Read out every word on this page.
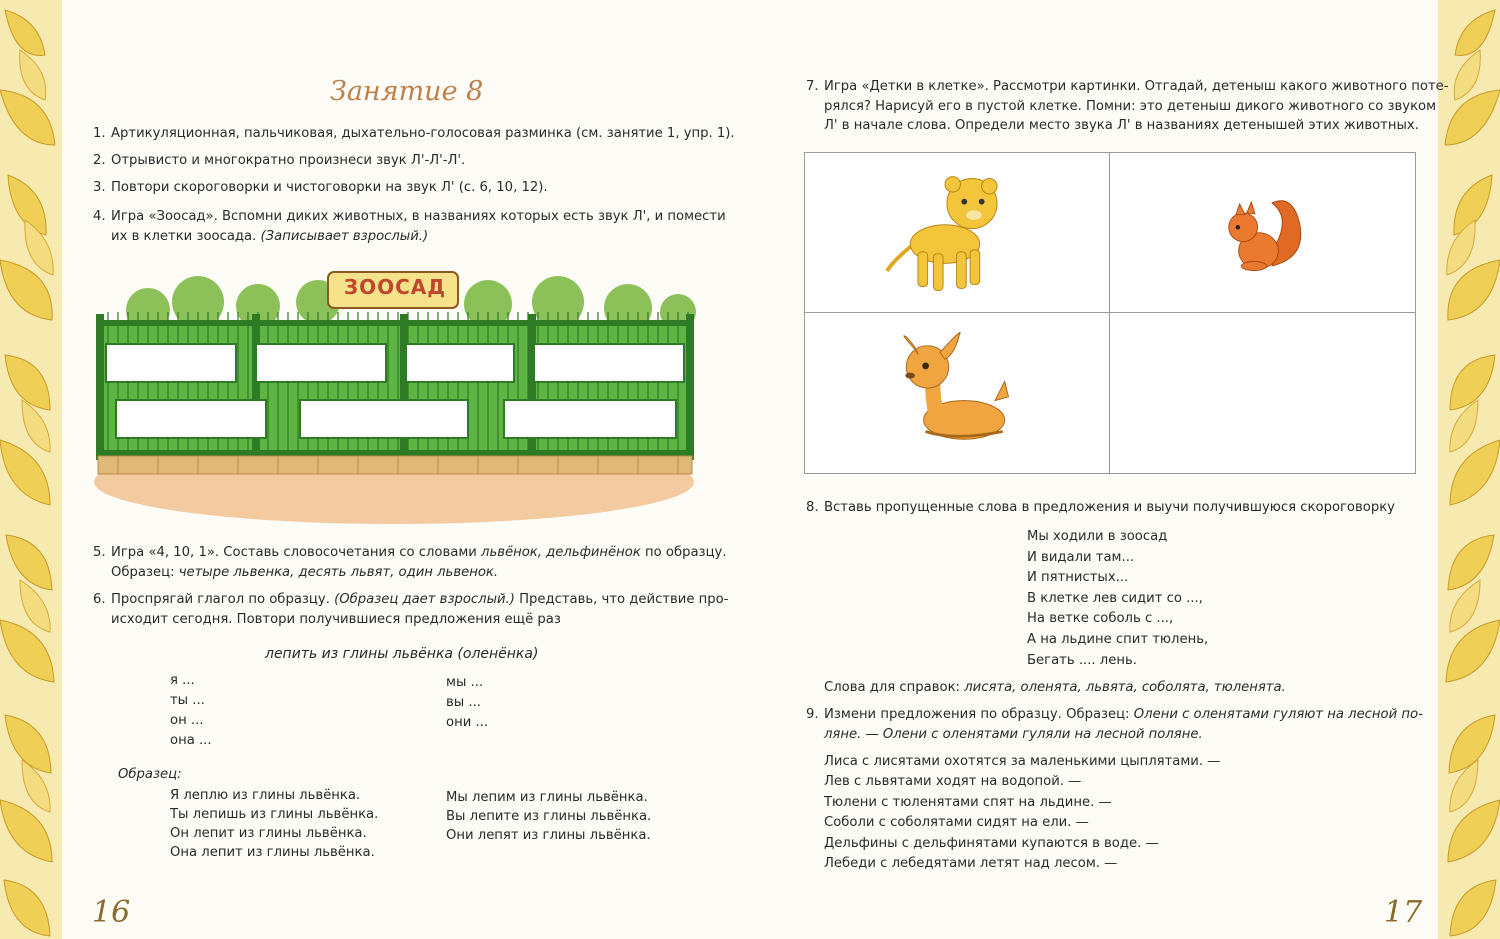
Занятие 8
1. Артикуляционная, пальчиковая, дыхательно-голосовая разминка (см. занятие 1, упр. 1).
2. Отрывисто и многократно произнеси звук Л'-Л'-Л'.
3. Повтори скороговорки и чистоговорки на звук Л' (с. 6, 10, 12).
4. Игра «Зоосад». Вспомни диких животных, в названиях которых есть звук Л', и помести
их в клетки зоосада. (Записывает взрослый.)
ЗООСАД
5. Игра «4, 10, 1». Составь словосочетания со словами львёнок, дельфинёнок по образцу.
Образец: четыре львенка, десять львят, один львенок.
6. Проспрягай глагол по образцу. (Образец дает взрослый.) Представь, что действие про-
исходит сегодня. Повтори получившиеся предложения ещё раз
лепить из глины львёнка (оленёнка)
я ...
ты ...
он ...
она ...
мы ...
вы ...
они ...
Образец:
Я леплю из глины львёнка.
Ты лепишь из глины львёнка.
Он лепит из глины львёнка.
Она лепит из глины львёнка.
Мы лепим из глины львёнка.
Вы лепите из глины львёнка.
Они лепят из глины львёнка.
16
7. Игра «Детки в клетке». Рассмотри картинки. Отгадай, детеныш какого животного поте-
рялся? Нарисуй его в пустой клетке. Помни: это детеныш дикого животного со звуком
Л' в начале слова. Определи место звука Л' в названиях детенышей этих животных.
8. Вставь пропущенные слова в предложения и выучи получившуюся скороговорку
Мы ходили в зоосад
И видали там...
И пятнистых...
В клетке лев сидит со ...,
На ветке соболь с ...,
А на льдине спит тюлень,
Бегать .... лень.
Слова для справок: лисята, оленята, львята, соболята, тюленята.
9. Измени предложения по образцу. Образец: Олени с оленятами гуляют на лесной по-
ляне. — Олени с оленятами гуляли на лесной поляне.
Лиса с лисятами охотятся за маленькими цыплятами. —
Лев с львятами ходят на водопой. —
Тюлени с тюленятами спят на льдине. —
Соболи с соболятами сидят на ели. —
Дельфины с дельфинятами купаются в воде. —
Лебеди с лебедятами летят над лесом. —
17
